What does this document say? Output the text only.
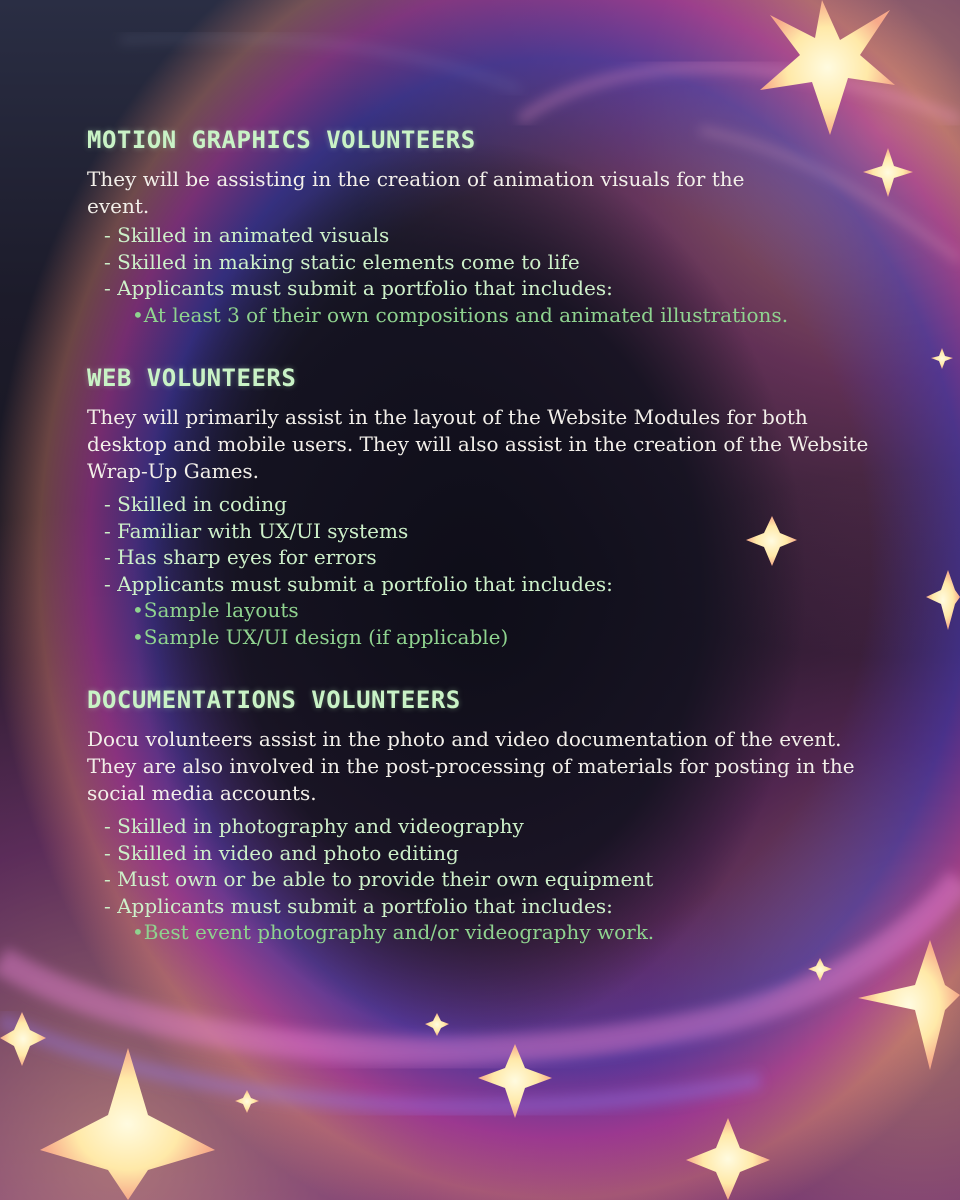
MOTION GRAPHICS VOLUNTEERS

They will be assisting in the creation of animation visuals for the event.

- Skilled in animated visuals
- Skilled in making static elements come to life
- Applicants must submit a portfolio that includes:
•At least 3 of their own compositions and animated illustrations.
WEB VOLUNTEERS

They will primarily assist in the layout of the Website Modules for both desktop and mobile users. They will also assist in the creation of the Website Wrap-Up Games.

- Skilled in coding
- Familiar with UX/UI systems
- Has sharp eyes for errors
- Applicants must submit a portfolio that includes:
•Sample layouts
•Sample UX/UI design (if applicable)
DOCUMENTATIONS VOLUNTEERS

Docu volunteers assist in the photo and video documentation of the event. They are also involved in the post-processing of materials for posting in the social media accounts.

- Skilled in photography and videography
- Skilled in video and photo editing
- Must own or be able to provide their own equipment
- Applicants must submit a portfolio that includes:
•Best event photography and/or videography work.
